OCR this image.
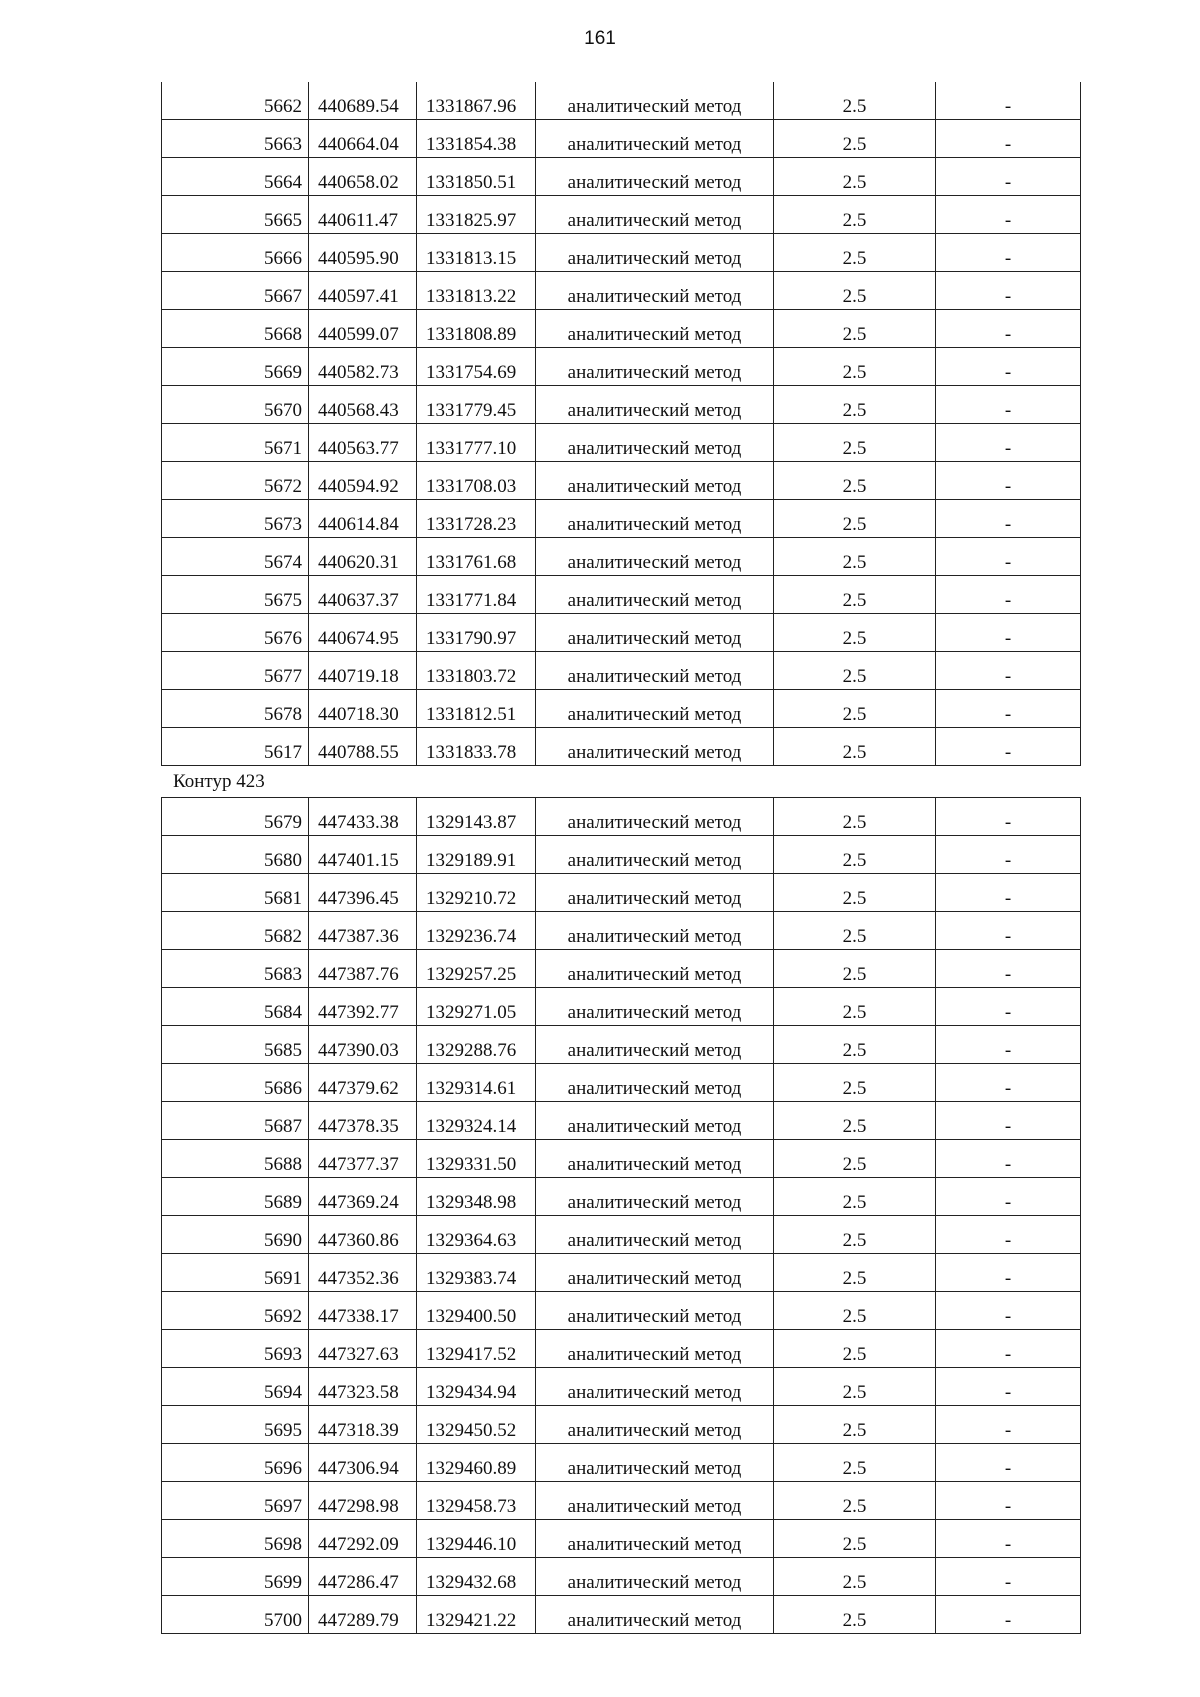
161
5662	440689.54	1331867.96	аналитический метод	2.5	-
5663	440664.04	1331854.38	аналитический метод	2.5	-
5664	440658.02	1331850.51	аналитический метод	2.5	-
5665	440611.47	1331825.97	аналитический метод	2.5	-
5666	440595.90	1331813.15	аналитический метод	2.5	-
5667	440597.41	1331813.22	аналитический метод	2.5	-
5668	440599.07	1331808.89	аналитический метод	2.5	-
5669	440582.73	1331754.69	аналитический метод	2.5	-
5670	440568.43	1331779.45	аналитический метод	2.5	-
5671	440563.77	1331777.10	аналитический метод	2.5	-
5672	440594.92	1331708.03	аналитический метод	2.5	-
5673	440614.84	1331728.23	аналитический метод	2.5	-
5674	440620.31	1331761.68	аналитический метод	2.5	-
5675	440637.37	1331771.84	аналитический метод	2.5	-
5676	440674.95	1331790.97	аналитический метод	2.5	-
5677	440719.18	1331803.72	аналитический метод	2.5	-
5678	440718.30	1331812.51	аналитический метод	2.5	-
5617	440788.55	1331833.78	аналитический метод	2.5	-
Контур 423
5679	447433.38	1329143.87	аналитический метод	2.5	-
5680	447401.15	1329189.91	аналитический метод	2.5	-
5681	447396.45	1329210.72	аналитический метод	2.5	-
5682	447387.36	1329236.74	аналитический метод	2.5	-
5683	447387.76	1329257.25	аналитический метод	2.5	-
5684	447392.77	1329271.05	аналитический метод	2.5	-
5685	447390.03	1329288.76	аналитический метод	2.5	-
5686	447379.62	1329314.61	аналитический метод	2.5	-
5687	447378.35	1329324.14	аналитический метод	2.5	-
5688	447377.37	1329331.50	аналитический метод	2.5	-
5689	447369.24	1329348.98	аналитический метод	2.5	-
5690	447360.86	1329364.63	аналитический метод	2.5	-
5691	447352.36	1329383.74	аналитический метод	2.5	-
5692	447338.17	1329400.50	аналитический метод	2.5	-
5693	447327.63	1329417.52	аналитический метод	2.5	-
5694	447323.58	1329434.94	аналитический метод	2.5	-
5695	447318.39	1329450.52	аналитический метод	2.5	-
5696	447306.94	1329460.89	аналитический метод	2.5	-
5697	447298.98	1329458.73	аналитический метод	2.5	-
5698	447292.09	1329446.10	аналитический метод	2.5	-
5699	447286.47	1329432.68	аналитический метод	2.5	-
5700	447289.79	1329421.22	аналитический метод	2.5	-
